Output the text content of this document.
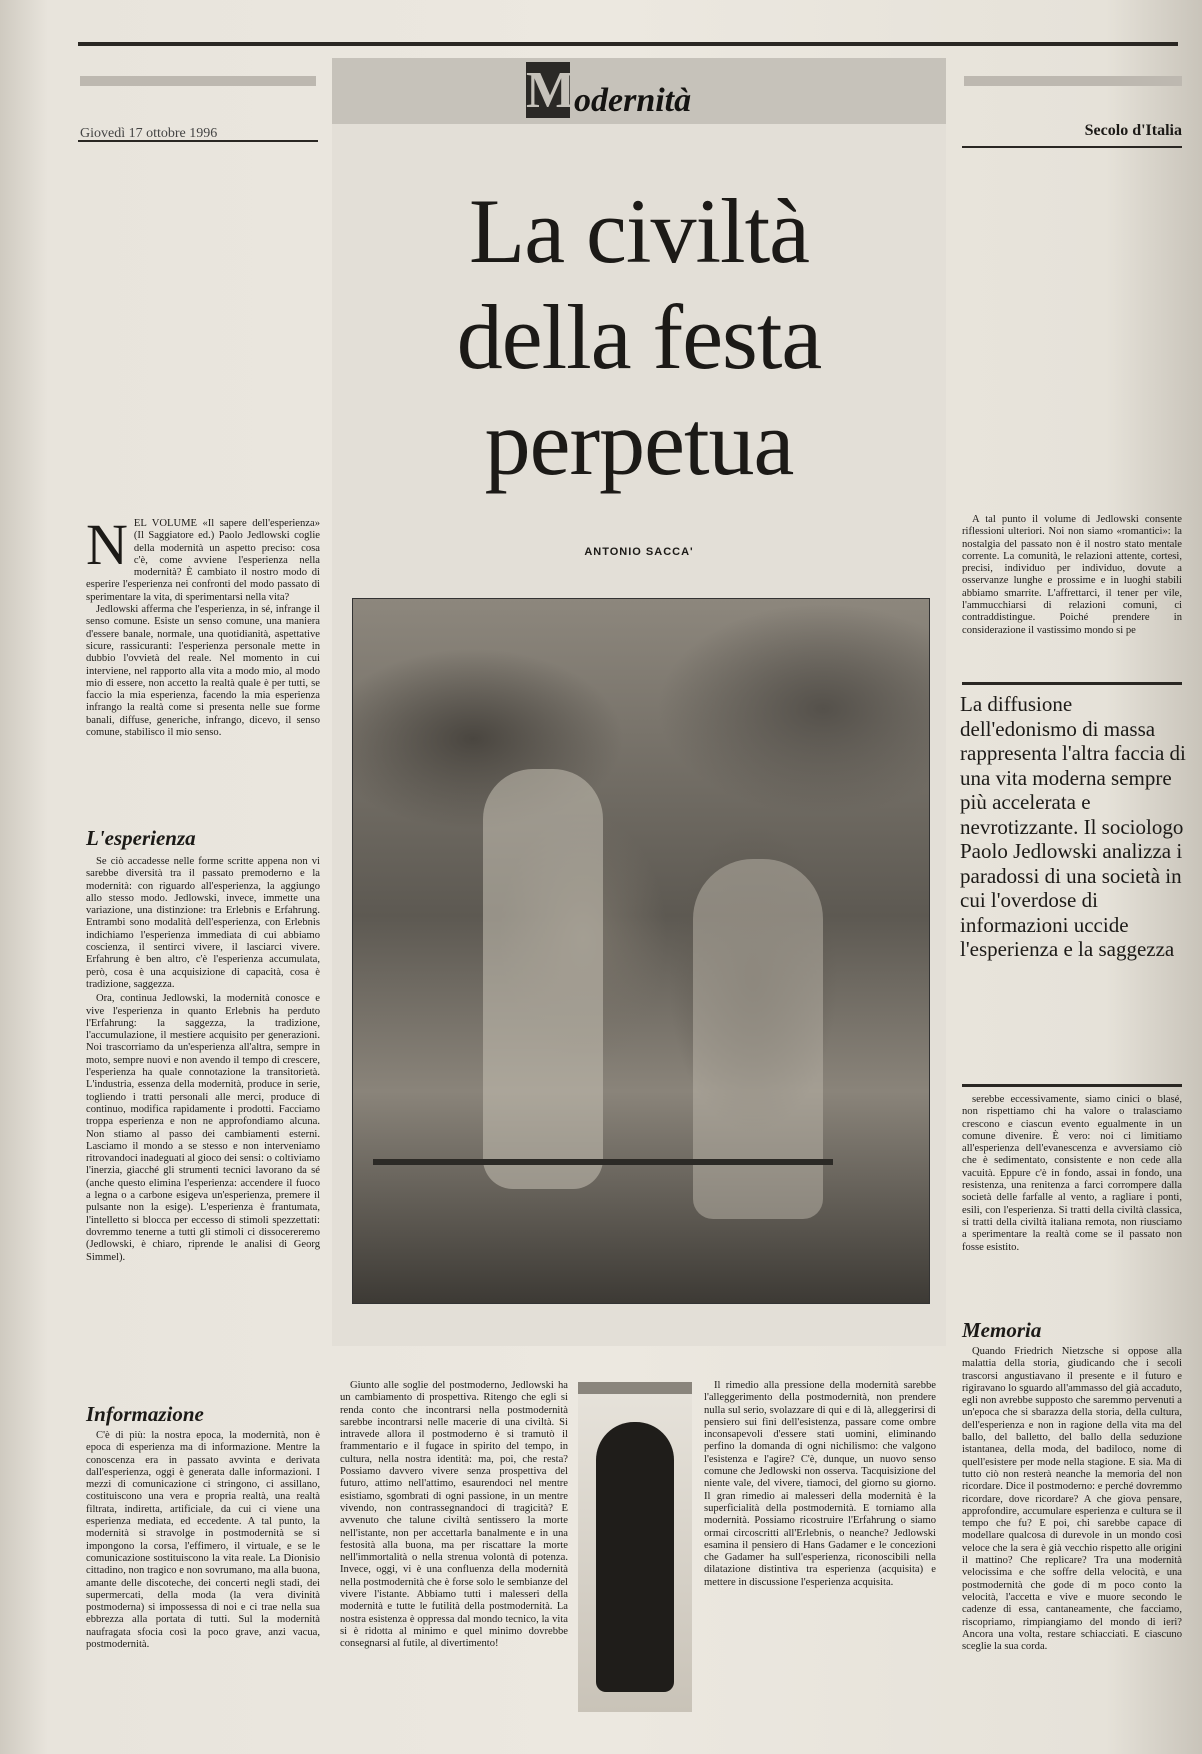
M
odernità
Giovedì 17 ottobre 1996	Secolo d'Italia
La civiltà
della festa
perpetua
ANTONIO SACCA'
N EL VOLUME «Il sapere dell'esperienza» (Il Saggiatore ed.) Paolo Jedlowski coglie della modernità un aspetto preciso: cosa c'è, come avviene l'esperienza nella modernità? È cambiato il nostro modo di esperire l'esperienza nei confronti del modo passato di sperimentare la vita, di sperimentarsi nella vita?

Jedlowski afferma che l'esperienza, in sé, infrange il senso comune. Esiste un senso comune, una maniera d'essere banale, normale, una quotidianità, aspettative sicure, rassicuranti: l'esperienza personale mette in dubbio l'ovvietà del reale. Nel momento in cui interviene, nel rapporto alla vita a modo mio, al modo mio di essere, non accetto la realtà quale è per tutti, se faccio la mia esperienza, facendo la mia esperienza infrango la realtà come si presenta nelle sue forme banali, diffuse, generiche, infrango, dicevo, il senso comune, stabilisco il mio senso.

L'esperienza

Se ciò accadesse nelle forme scritte appena non vi sarebbe diversità tra il passato premoderno e la modernità: con riguardo all'esperienza, la aggiungo allo stesso modo. Jedlowski, invece, immette una variazione, una distinzione: tra Erlebnis e Erfahrung. Entrambi sono modalità dell'esperienza, con Erlebnis indichiamo l'esperienza immediata di cui abbiamo coscienza, il sentirci vivere, il lasciarci vivere. Erfahrung è ben altro, c'è l'esperienza accumulata, però, cosa è una acquisizione di capacità, cosa è tradizione, saggezza.

Ora, continua Jedlowski, la modernità conosce e vive l'esperienza in quanto Erlebnis ha perduto l'Erfahrung: la saggezza, la tradizione, l'accumulazione, il mestiere acquisito per generazioni. Noi trascorriamo da un'esperienza all'altra, sempre in moto, sempre nuovi e non avendo il tempo di crescere, l'esperienza ha quale connotazione la transitorietà. L'industria, essenza della modernità, produce in serie, togliendo i tratti personali alle merci, produce di continuo, modifica rapidamente i prodotti. Facciamo troppa esperienza e non ne approfondiamo alcuna. Non stiamo al passo dei cambiamenti esterni. Lasciamo il mondo a se stesso e non interveniamo ritrovandoci inadeguati al gioco dei sensi: o coltiviamo l'inerzia, giacché gli strumenti tecnici lavorano da sé (anche questo elimina l'esperienza: accendere il fuoco a legna o a carbone esigeva un'esperienza, premere il pulsante non la esige). L'esperienza è frantumata, l'intelletto si blocca per eccesso di stimoli spezzettati: dovremmo tenerne a tutti gli stimoli ci dissocereremo (Jedlowski, è chiaro, riprende le analisi di Georg Simmel).

Informazione

C'è di più: la nostra epoca, la modernità, non è epoca di esperienza ma di informazione. Mentre la conoscenza era in passato avvinta e derivata dall'esperienza, oggi è generata dalle informazioni. I mezzi di comunicazione ci stringono, ci assillano, costituiscono una vera e propria realtà, una realtà filtrata, indiretta, artificiale, da cui ci viene una esperienza mediata, ed eccedente. A tal punto, la modernità si stravolge in postmodernità se si impongono la corsa, l'effimero, il virtuale, e se le comunicazione sostituiscono la vita reale. La Dionisio cittadino, non tragico e non sovrumano, ma alla buona, amante delle discoteche, dei concerti negli stadi, dei supermercati, della moda (la vera divinità postmoderna) si impossessa di noi e ci trae nella sua ebbrezza alla portata di tutti. Sul la modernità naufragata sfocia così la poco grave, anzi vacua, postmodernità.

Giunto alle soglie del postmoderno, Jedlowski ha un cambiamento di prospettiva. Ritengo che egli si renda conto che incontrarsi nella postmodernità sarebbe incontrarsi nelle macerie di una civiltà. Si intravede allora il postmoderno è si tramutò il frammentario e il fugace in spirito del tempo, in cultura, nella nostra identità: ma, poi, che resta? Possiamo davvero vivere senza prospettiva del futuro, attimo nell'attimo, esaurendoci nel mentre esistiamo, sgombrati di ogni passione, in un mentre vivendo, non contrassegnandoci di tragicità? E avvenuto che talune civiltà sentissero la morte nell'istante, non per accettarla banalmente e in una festosità alla buona, ma per riscattare la morte nell'immortalità o nella strenua volontà di potenza. Invece, oggi, vi è una confluenza della modernità nella postmodernità che è forse solo le sembianze del vivere l'istante. Abbiamo tutti i malesseri della modernità e tutte le futilità della postmodernità. La nostra esistenza è oppressa dal mondo tecnico, la vita si è ridotta al minimo e quel minimo dovrebbe consegnarsi al futile, al divertimento!

Il rimedio alla pressione della modernità sarebbe l'alleggerimento della postmodernità, non prendere nulla sul serio, svolazzare di qui e di là, alleggerirsi di pensiero sui fini dell'esistenza, passare come ombre inconsapevoli d'essere stati uomini, eliminando perfino la domanda di ogni nichilismo: che valgono l'esistenza e l'agire? C'è, dunque, un nuovo senso comune che Jedlowski non osserva. Tacquisizione del niente vale, del vivere, tiamoci, del giorno su giorno. Il gran rimedio ai malesseri della modernità è la superficialità della postmodernità. E torniamo alla modernità. Possiamo ricostruire l'Erfahrung o siamo ormai circoscritti all'Erlebnis, o neanche? Jedlowski esamina il pensiero di Hans Gadamer e le concezioni che Gadamer ha sull'esperienza, riconoscibili nella dilatazione distintiva tra esperienza (acquisita) e mettere in discussione l'esperienza acquisita.

A tal punto il volume di Jedlowski consente riflessioni ulteriori. Noi non siamo «romantici»: la nostalgia del passato non è il nostro stato mentale corrente. La comunità, le relazioni attente, cortesi, precisi, individuo per individuo, dovute a osservanze lunghe e prossime e in luoghi stabili abbiamo smarrite. L'affrettarci, il tener per vile, l'ammucchiarsi di relazioni comuni, ci contraddistingue. Poiché prendere in considerazione il vastissimo mondo si pe

La diffusione dell'edonismo di massa rappresenta l'altra faccia di una vita moderna sempre più accelerata e nevrotizzante. Il sociologo Paolo Jedlowski analizza i paradossi di una società in cui l'overdose di informazioni uccide l'esperienza e la saggezza

serebbe eccessivamente, siamo cinici o blasé, non rispettiamo chi ha valore o tralasciamo crescono e ciascun evento egualmente in un comune divenire. È vero: noi ci limitiamo all'esperienza dell'evanescenza e avversiamo ciò che è sedimentato, consistente e non cede alla vacuità. Eppure c'è in fondo, assai in fondo, una resistenza, una renitenza a farci corrompere dalla società delle farfalle al vento, a ragliare i ponti, esili, con l'esperienza. Si tratti della civiltà classica, si tratti della civiltà italiana remota, non riusciamo a sperimentare la realtà come se il passato non fosse esistito.

Memoria

Quando Friedrich Nietzsche si oppose alla malattia della storia, giudicando che i secoli trascorsi angustiavano il presente e il futuro e rigiravano lo sguardo all'ammasso del già accaduto, egli non avrebbe supposto che saremmo pervenuti a un'epoca che si sbarazza della storia, della cultura, dell'esperienza e non in ragione della vita ma del ballo, del balletto, del ballo della seduzione istantanea, della moda, del badiloco, nome di quell'esistere per mode nella stagione. E sia. Ma di tutto ciò non resterà neanche la memoria del non ricordare. Dice il postmoderno: e perché dovremmo ricordare, dove ricordare? A che giova pensare, approfondire, accumulare esperienza e cultura se il tempo che fu? E poi, chi sarebbe capace di modellare qualcosa di durevole in un mondo così veloce che la sera è già vecchio rispetto alle origini il mattino? Che replicare? Tra una modernità velocissima e che soffre della velocità, e una postmodernità che gode di m poco conto la velocità, l'accetta e vive e muore secondo le cadenze di essa, cantaneamente, che facciamo, riscopriamo, rimpiangiamo del mondo di ieri? Ancora una volta, restare schiacciati. E ciascuno sceglie la sua corda.
